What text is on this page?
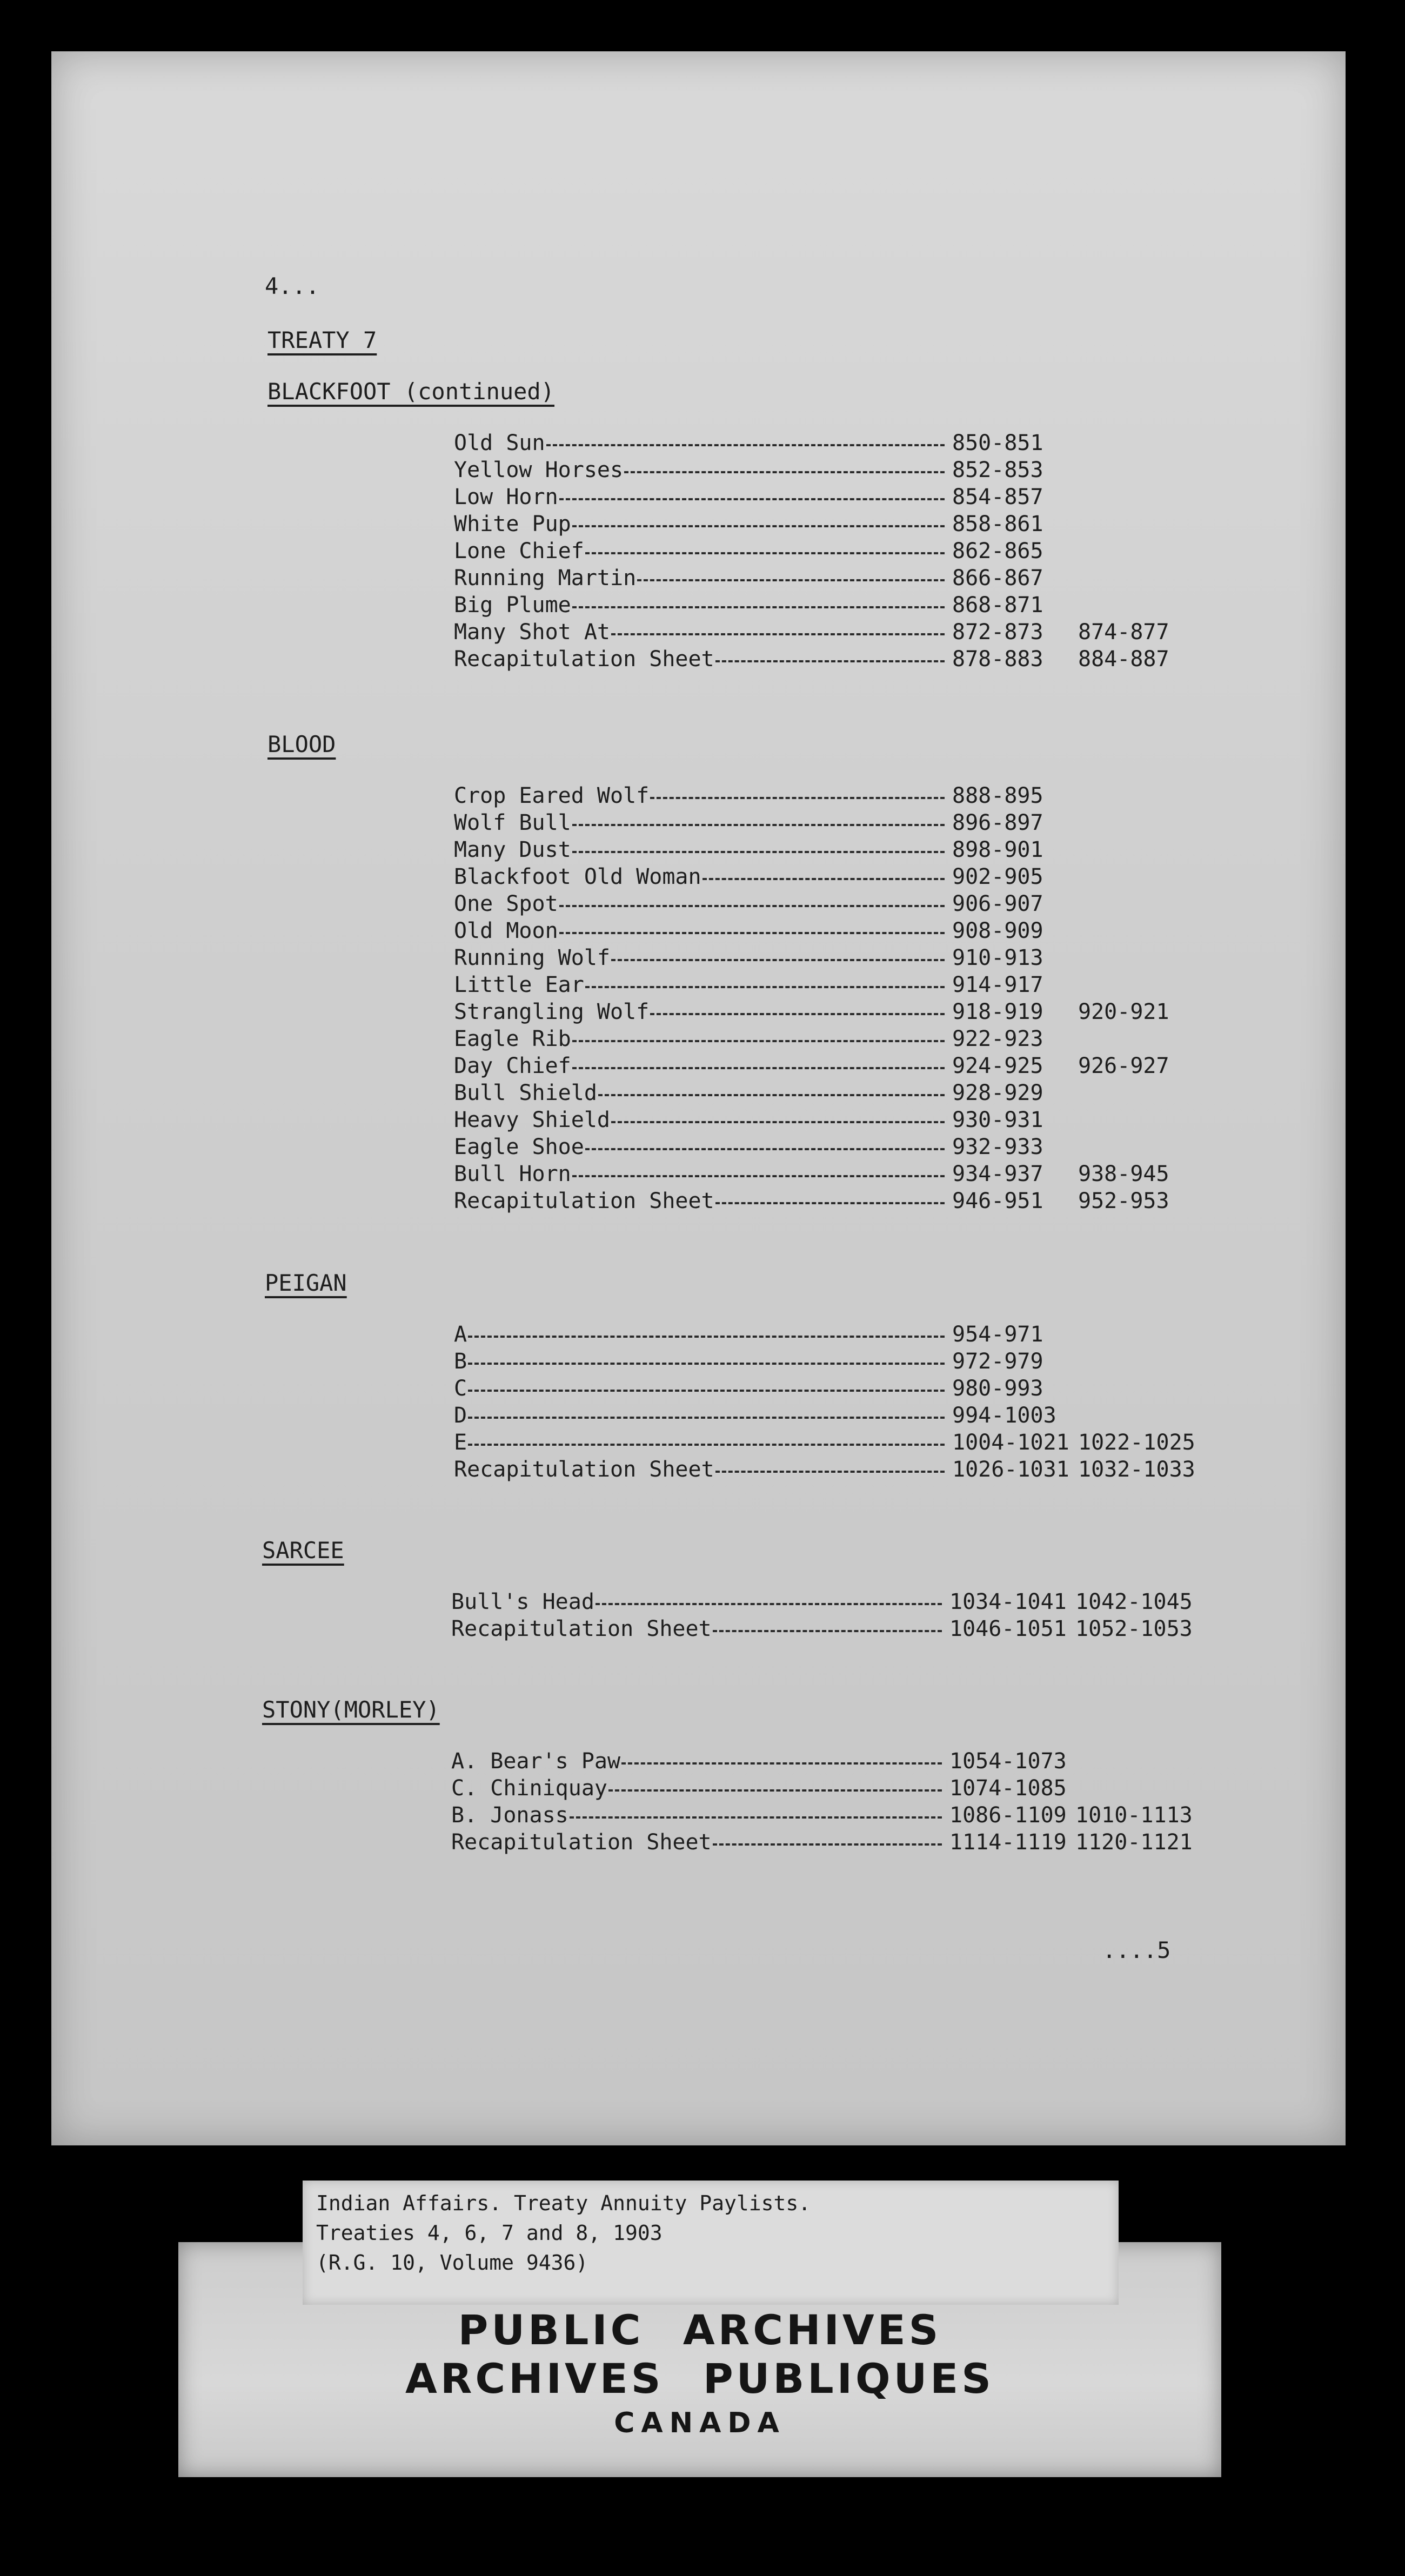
4...
TREATY 7
BLACKFOOT (continued)
Old Sun	850-851
Yellow Horses	852-853
Low Horn	854-857
White Pup	858-861
Lone Chief	862-865
Running Martin	866-867
Big Plume	868-871
Many Shot At	872-873 874-877
Recapitulation Sheet	878-883 884-887
BLOOD
Crop Eared Wolf	888-895
Wolf Bull	896-897
Many Dust	898-901
Blackfoot Old Woman	902-905
One Spot	906-907
Old Moon	908-909
Running Wolf	910-913
Little Ear	914-917
Strangling Wolf	918-919 920-921
Eagle Rib	922-923
Day Chief	924-925 926-927
Bull Shield	928-929
Heavy Shield	930-931
Eagle Shoe	932-933
Bull Horn	934-937 938-945
Recapitulation Sheet	946-951 952-953
PEIGAN
A	954-971
B	972-979
C	980-993
D	994-1003
E	1004-1021 1022-1025
Recapitulation Sheet	1026-1031 1032-1033
SARCEE
Bull's Head	1034-1041 1042-1045
Recapitulation Sheet	1046-1051 1052-1053
STONY(MORLEY)
A. Bear's Paw	1054-1073
C. Chiniquay	1074-1085
B. Jonass	1086-1109 1010-1113
Recapitulation Sheet	1114-1119 1120-1121
....5
PUBLIC ARCHIVES
ARCHIVES PUBLIQUES
CANADA
Indian Affairs. Treaty Annuity Paylists.
Treaties 4, 6, 7 and 8, 1903
(R.G. 10, Volume 9436)
